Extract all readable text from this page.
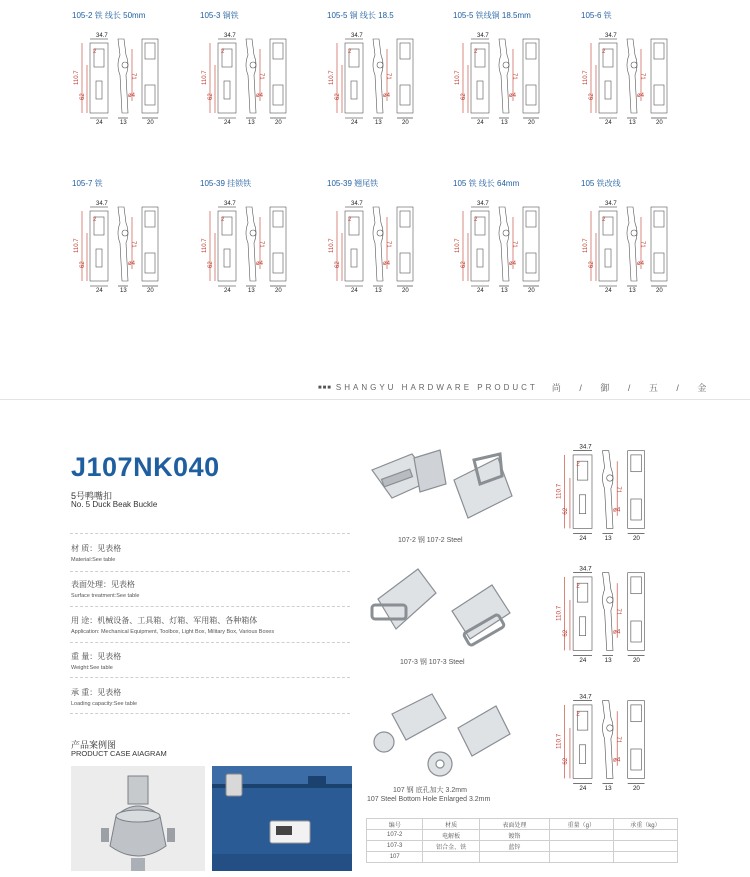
105-2 铁 线长 50mm
34.7
2
110.7
62
71
ø4
24	13	20
105-3 铜铁
34.7
2
110.7
62
71
ø4
24	13	20
105-5 铜 线长 18.5
34.7
2
110.7
62
71
ø4
24	13	20
105-5 铁线铜 18.5mm
34.7
2
110.7
62
71
ø4
24	13	20
105-6 铁
34.7
2
110.7
62
71
ø4
24	13	20
105-7 铁
34.7
2
110.7
62
71
ø4
24	13	20
105-39 挂锁铁
34.7
2
110.7
62
71
ø4
24	13	20
105-39 翘尾铁
34.7
2
110.7
62
71
ø4
24	13	20
105 铁 线长 64mm
34.7
2
110.7
62
71
ø4
24	13	20
105 铁改线
34.7
2
110.7
62
71
ø4
24	13	20
■■■ SHANGYU HARDWARE PRODUCT 尚 / 御 / 五 / 金
J107NK040
5号鸭嘴扣
No. 5 Duck Beak Buckle
材 质：见表格
Material:See table
表面处理：见表格
Surface treatment:See table
用 途：机械设备、工具箱、灯箱、军用箱、各种箱体
Application: Mechanical Equipment, Toolbox, Light Box, Military Box, Various Boxes
重 量：见表格
Weight:See table
承 重：见表格
Loading capacity:See table
产品案例图
PRODUCT CASE AIAGRAM
107-2 钢 107-2 Steel
107-3 钢 107-3 Steel
107 钢 底孔加大 3.2mm
107 Steel Bottom Hole Enlarged 3.2mm
34.7
2
110.7
62
71
ø4
24	13	20
34.7
2
110.7
62
71
ø4
24	13	20
34.7
2
110.7
62
71
ø4
24	13	20
编号	材质	表面处理	重量（g）	承重（kg）
107-2	电解板	镀铬		
107-3	铝合金、铁	蓝锌		
107				
